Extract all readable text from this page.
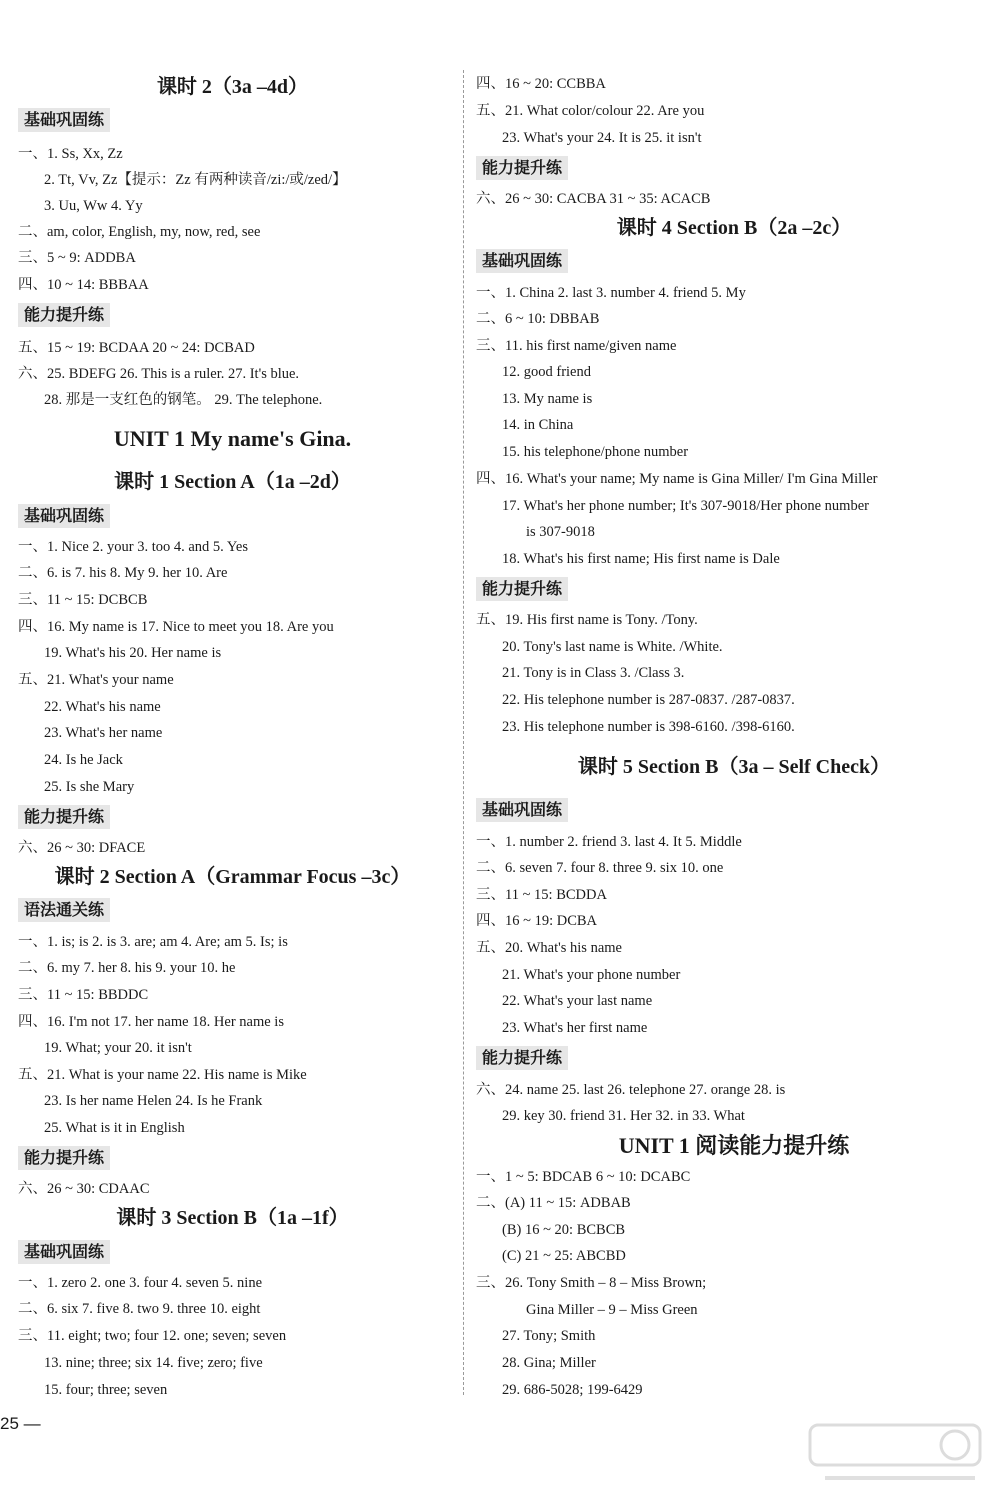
课时 2（3a –4d）
基础巩固练
一、1. Ss, Xx, Zz
2. Tt, Vv, Zz【提示：Zz 有两种读音/zi:/或/zed/】
3. Uu, Ww 4. Yy
二、am, color, English, my, now, red, see
三、5 ~ 9: ADDBA
四、10 ~ 14: BBBAA
能力提升练
五、15 ~ 19: BCDAA 20 ~ 24: DCBAD
六、25. BDEFG 26. This is a ruler. 27. It's blue.
28. 那是一支红色的钢笔。 29. The telephone.
UNIT 1 My name's Gina.
课时 1 Section A（1a –2d）
基础巩固练
一、1. Nice 2. your 3. too 4. and 5. Yes
二、6. is 7. his 8. My 9. her 10. Are
三、11 ~ 15: DCBCB
四、16. My name is 17. Nice to meet you 18. Are you
19. What's his 20. Her name is
五、21. What's your name
22. What's his name
23. What's her name
24. Is he Jack
25. Is she Mary
能力提升练
六、26 ~ 30: DFACE
课时 2 Section A（Grammar Focus –3c）
语法通关练
一、1. is; is 2. is 3. are; am 4. Are; am 5. Is; is
二、6. my 7. her 8. his 9. your 10. he
三、11 ~ 15: BBDDC
四、16. I'm not 17. her name 18. Her name is
19. What; your 20. it isn't
五、21. What is your name 22. His name is Mike
23. Is her name Helen 24. Is he Frank
25. What is it in English
能力提升练
六、26 ~ 30: CDAAC
课时 3 Section B（1a –1f）
基础巩固练
一、1. zero 2. one 3. four 4. seven 5. nine
二、6. six 7. five 8. two 9. three 10. eight
三、11. eight; two; four 12. one; seven; seven
13. nine; three; six 14. five; zero; five
15. four; three; seven
四、16 ~ 20: CCBBA
五、21. What color/colour 22. Are you
23. What's your 24. It is 25. it isn't
能力提升练
六、26 ~ 30: CACBA 31 ~ 35: ACACB
课时 4 Section B（2a –2c）
基础巩固练
一、1. China 2. last 3. number 4. friend 5. My
二、6 ~ 10: DBBAB
三、11. his first name/given name
12. good friend
13. My name is
14. in China
15. his telephone/phone number
四、16. What's your name; My name is Gina Miller/ I'm Gina Miller
17. What's her phone number; It's 307-9018/Her phone number
is 307-9018
18. What's his first name; His first name is Dale
能力提升练
五、19. His first name is Tony. /Tony.
20. Tony's last name is White. /White.
21. Tony is in Class 3. /Class 3.
22. His telephone number is 287-0837. /287-0837.
23. His telephone number is 398-6160. /398-6160.
课时 5 Section B（3a – Self Check）
基础巩固练
一、1. number 2. friend 3. last 4. It 5. Middle
二、6. seven 7. four 8. three 9. six 10. one
三、11 ~ 15: BCDDA
四、16 ~ 19: DCBA
五、20. What's his name
21. What's your phone number
22. What's your last name
23. What's her first name
能力提升练
六、24. name 25. last 26. telephone 27. orange 28. is
29. key 30. friend 31. Her 32. in 33. What
UNIT 1 阅读能力提升练
一、1 ~ 5: BDCAB 6 ~ 10: DCABC
二、(A) 11 ~ 15: ADBAB
(B) 16 ~ 20: BCBCB
(C) 21 ~ 25: ABCBD
三、26. Tony Smith – 8 – Miss Brown;
Gina Miller – 9 – Miss Green
27. Tony; Smith
28. Gina; Miller
29. 686-5028; 199-6429
25 —
